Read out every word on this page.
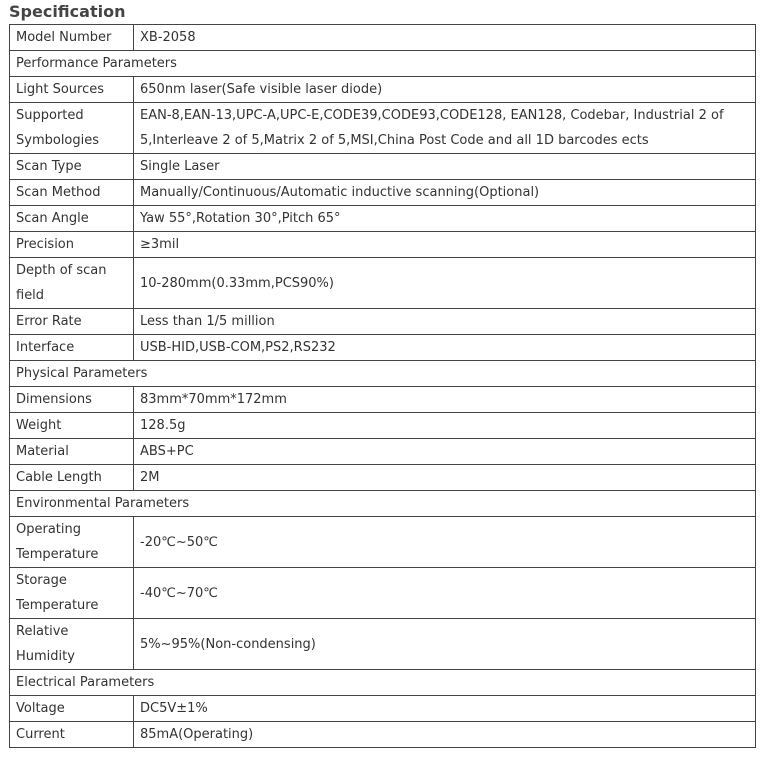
Specification
Model Number	XB-2058
Performance Parameters	
Light Sources	650nm laser(Safe visible laser diode)
Supported Symbologies	EAN-8,EAN-13,UPC-A,UPC-E,CODE39,CODE93,CODE128, EAN128, Codebar, Industrial 2 of 5,Interleave 2 of 5,Matrix 2 of 5,MSI,China Post Code and all 1D barcodes ects
Scan Type	Single Laser
Scan Method	Manually/Continuous/Automatic inductive scanning(Optional)
Scan Angle	Yaw 55°,Rotation 30°,Pitch 65°
Precision	≥3mil
Depth of scan field	10-280mm(0.33mm,PCS90%)
Error Rate	Less than 1/5 million
Interface	USB-HID,USB-COM,PS2,RS232
Physical Parameters	
Dimensions	83mm*70mm*172mm
Weight	128.5g
Material	ABS+PC
Cable Length	2M
Environmental Parameters	
Operating Temperature	-20℃~50℃
Storage Temperature	-40℃~70℃
Relative Humidity	5%~95%(Non-condensing)
Electrical Parameters	
Voltage	DC5V±1%
Current	85mA(Operating)
